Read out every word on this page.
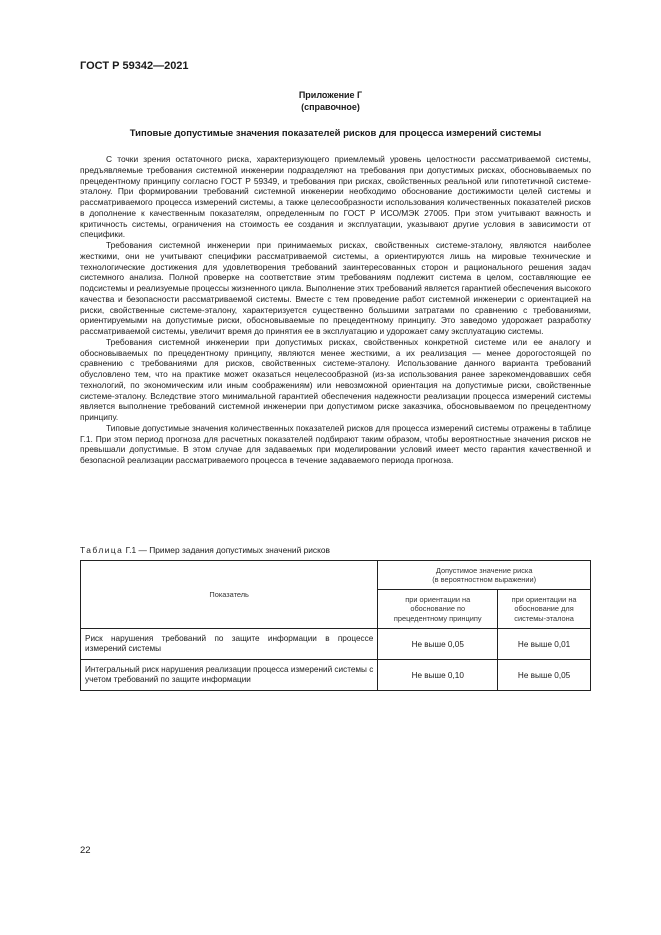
ГОСТ Р 59342—2021
Приложение Г
(справочное)
Типовые допустимые значения показателей рисков для процесса измерений системы

С точки зрения остаточного риска, характеризующего приемлемый уровень целостности рассматриваемой системы, предъявляемые требования системной инженерии подразделяют на требования при допустимых рисках, обосновываемых по прецедентному принципу согласно ГОСТ Р 59349, и требования при рисках, свойственных реальной или гипотетичной системе-эталону. При формировании требований системной инженерии необходимо обоснование достижимости целей системы и рассматриваемого процесса измерений системы, а также целесообразности использования количественных показателей рисков в дополнение к качественным показателям, определенным по ГОСТ Р ИСО/МЭК 27005. При этом учитывают важность и критичность системы, ограничения на стоимость ее создания и эксплуатации, указывают другие условия в зависимости от специфики.

Требования системной инженерии при принимаемых рисках, свойственных системе-эталону, являются наиболее жесткими, они не учитывают специфики рассматриваемой системы, а ориентируются лишь на мировые технические и технологические достижения для удовлетворения требований заинтересованных сторон и рационального решения задач системного анализа. Полной проверке на соответствие этим требованиям подлежит система в целом, составляющие ее подсистемы и реализуемые процессы жизненного цикла. Выполнение этих требований является гарантией обеспечения высокого качества и безопасности рассматриваемой системы. Вместе с тем проведение работ системной инженерии с ориентацией на риски, свойственные системе-эталону, характеризуется существенно большими затратами по сравнению с требованиями, ориентируемыми на допустимые риски, обосновываемые по прецедентному принципу. Это заведомо удорожает разработку рассматриваемой системы, увеличит время до принятия ее в эксплуатацию и удорожает саму эксплуатацию системы.

Требования системной инженерии при допустимых рисках, свойственных конкретной системе или ее аналогу и обосновываемых по прецедентному принципу, являются менее жесткими, а их реализация — менее дорогостоящей по сравнению с требованиями для рисков, свойственных системе-эталону. Использование данного варианта требований обусловлено тем, что на практике может оказаться нецелесообразной (из-за использования ранее зарекомендовавших себя технологий, по экономическим или иным соображениям) или невозможной ориентация на допустимые риски, свойственные системе-эталону. Вследствие этого минимальной гарантией обеспечения надежности реализации процесса измерений системы является выполнение требований системной инженерии при допустимом риске заказчика, обосновываемом по прецедентному принципу.

Типовые допустимые значения количественных показателей рисков для процесса измерений системы отражены в таблице Г.1. При этом период прогноза для расчетных показателей подбирают таким образом, чтобы вероятностные значения рисков не превышали допустимые. В этом случае для задаваемых при моделировании условий имеет место гарантия качественной и безопасной реализации рассматриваемого процесса в течение задаваемого периода прогноза.

Таблица Г.1 — Пример задания допустимых значений рисков
Показатель	Допустимое значение риска
(в вероятностном выражении)	
	при ориентации на
обоснование по
прецедентному принципу	при ориентации на
обоснование для
системы-эталона
Риск нарушения требований по защите информации в процессе измерений системы	Не выше 0,05	Не выше 0,01
Интегральный риск нарушения реализации процесса измерений системы с учетом требований по защите информации	Не выше 0,10	Не выше 0,05
22
